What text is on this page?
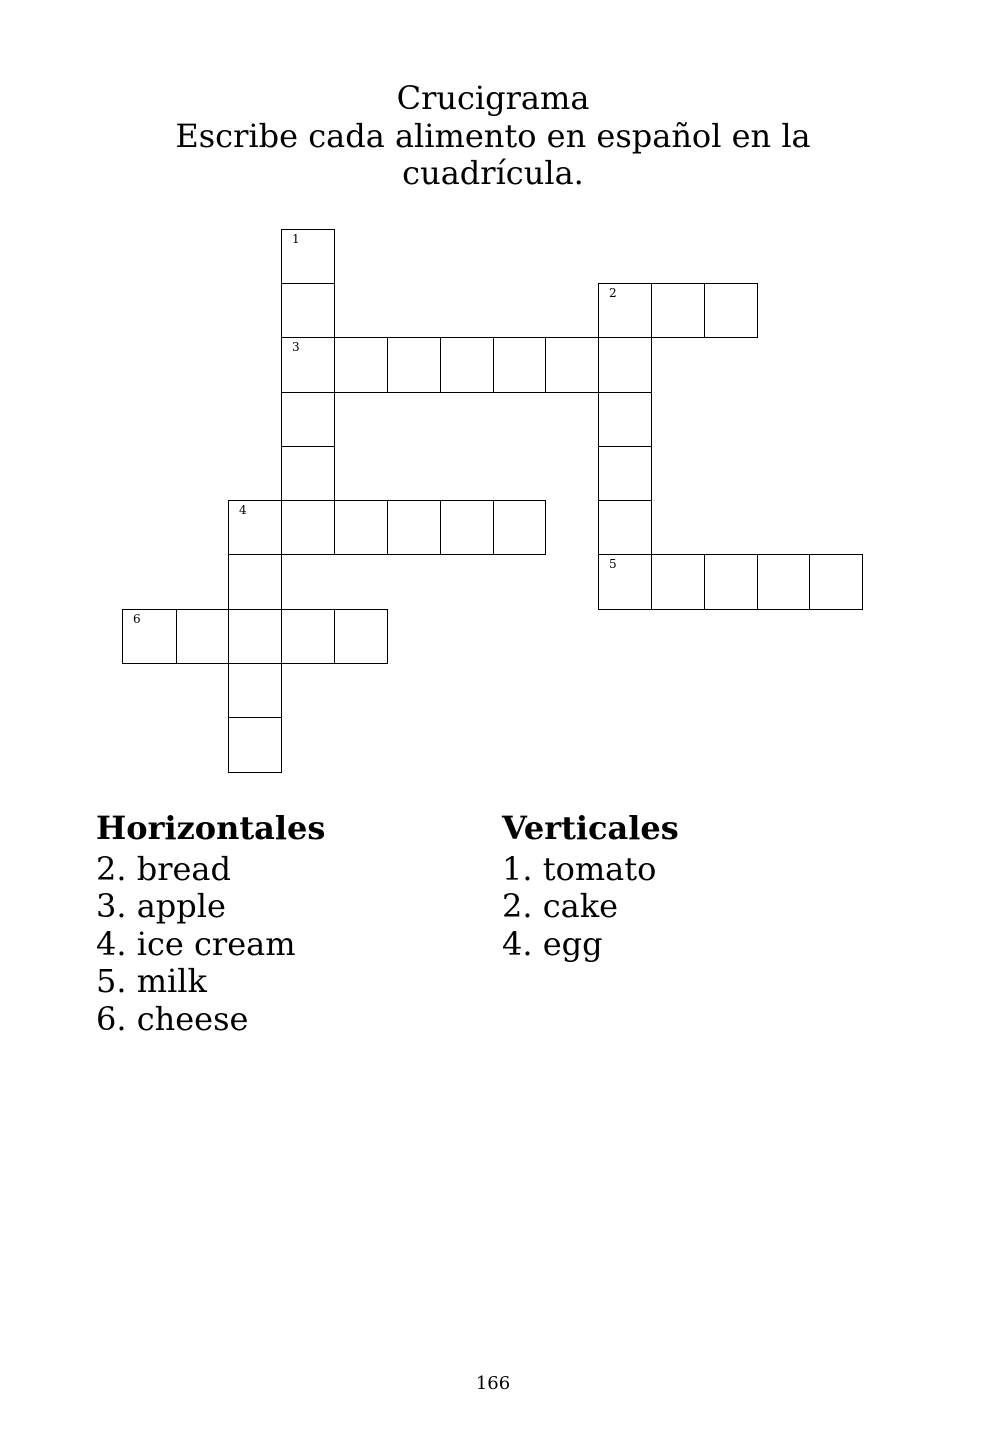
Crucigrama
Escribe cada alimento en español en la
cuadrícula.
1
3
2
5
4
6
Horizontales
2. bread
3. apple
4. ice cream
5. milk
6. cheese
Verticales
1. tomato
2. cake
4. egg
166
